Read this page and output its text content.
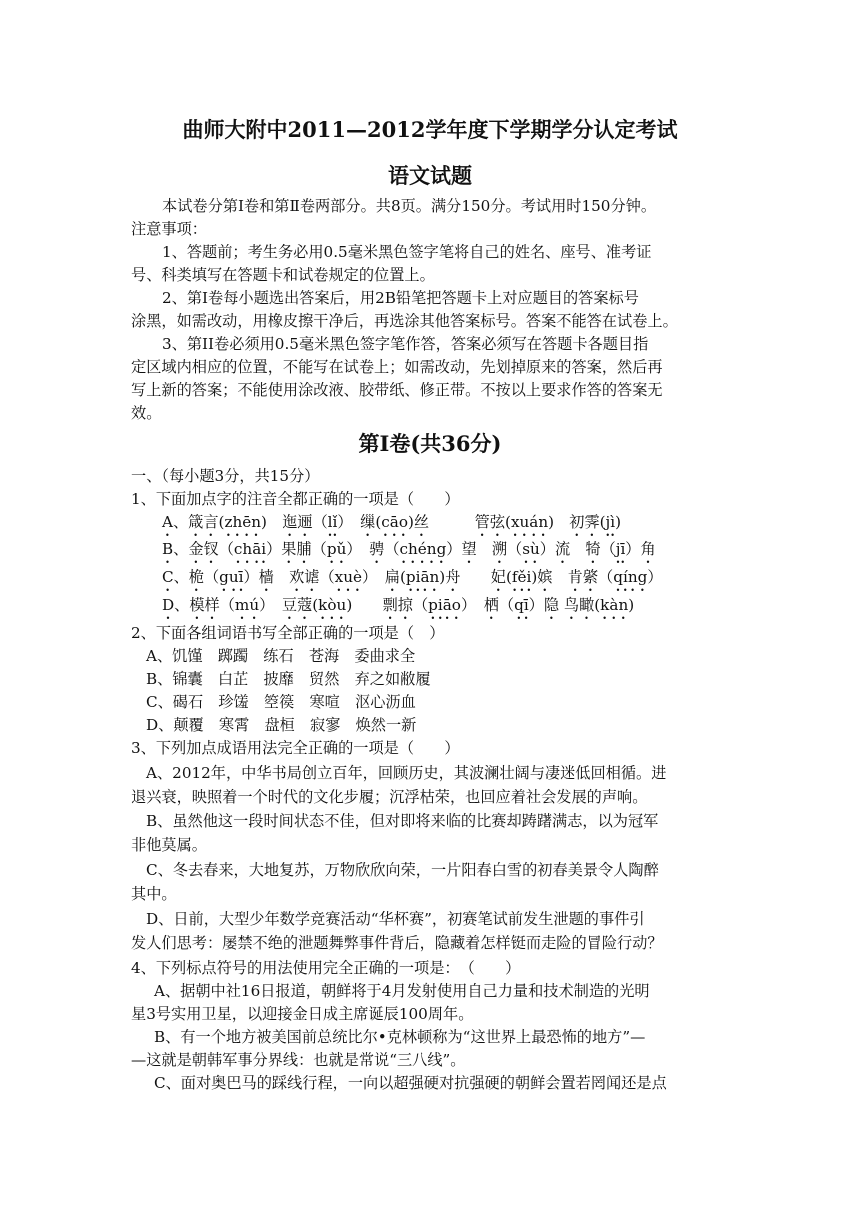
曲师大附中2011—2012学年度下学期学分认定考试
语文试题

本试卷分第Ⅰ卷和第Ⅱ卷两部分。共8页。满分150分。考试用时150分钟。

注意事项：

1、答题前；考生务必用0.5毫米黑色签字笔将自己的姓名、座号、准考证

号、科类填写在答题卡和试卷规定的位置上。

2、第Ⅰ卷每小题选出答案后，用2B铅笔把答题卡上对应题目的答案标号

涂黑，如需改动，用橡皮擦干净后，再选涂其他答案标号。答案不能答在试卷上。

3、第II卷必须用0.5毫米黑色签字笔作答，答案必须写在答题卡各题目指

定区域内相应的位置，不能写在试卷上；如需改动，先划掉原来的答案，然后再

写上新的答案；不能使用涂改液、胶带纸、修正带。不按以上要求作答的答案无

效。

第Ⅰ卷(共36分)

一、（每小题3分，共15分）

1、下面加点字的注音全都正确的一项是（　　）

A、箴言(zhēn)　迤逦（lǐ）　缫(cāo)丝　　　管弦(xuán)　初霁(jì)

B、金钗（chāi）果脯（pǔ）　骋（chéng）望　溯（sù）流　犄（jī）角

C、桅（guī）樯　欢谑（xuè）　扁(piān)舟　　妃(fěi)嫔　肯綮（qíng）

D、模样（mú）　豆蔻(kòu)　　剽掠（piāo）　栖（qī）隐 鸟瞰(kàn)

2、下面各组词语书写全部正确的一项是（　）

A、饥馑　踯躅　练石　苍海　委曲求全

B、锦囊　白芷　披靡　贸然　弃之如敝履

C、碣石　珍馐　箜篌　寒喧　沤心沥血

D、颠覆　寒霄　盘桓　寂寥　焕然一新

3、下列加点成语用法完全正确的一项是（　　）

A、2012年，中华书局创立百年，回顾历史，其波澜壮阔与凄迷低回相循。进

退兴衰，映照着一个时代的文化步履；沉浮枯荣，也回应着社会发展的声响。

B、虽然他这一段时间状态不佳，但对即将来临的比赛却踌躇满志，以为冠军

非他莫属。

C、冬去春来，大地复苏，万物欣欣向荣，一片阳春白雪的初春美景令人陶醉

其中。

D、日前，大型少年数学竞赛活动“华杯赛”，初赛笔试前发生泄题的事件引

发人们思考：屡禁不绝的泄题舞弊事件背后，隐藏着怎样铤而走险的冒险行动？

4、下列标点符号的用法使用完全正确的一项是：　（　　）

A、据朝中社16日报道，朝鲜将于4月发射使用自己力量和技术制造的光明

星3号实用卫星，以迎接金日成主席诞辰100周年。

B、有一个地方被美国前总统比尔•克林顿称为“这世界上最恐怖的地方”—

—这就是朝韩军事分界线：也就是常说“三八线”。

C、面对奥巴马的踩线行程，一向以超强硬对抗强硬的朝鲜会置若罔闻还是点
